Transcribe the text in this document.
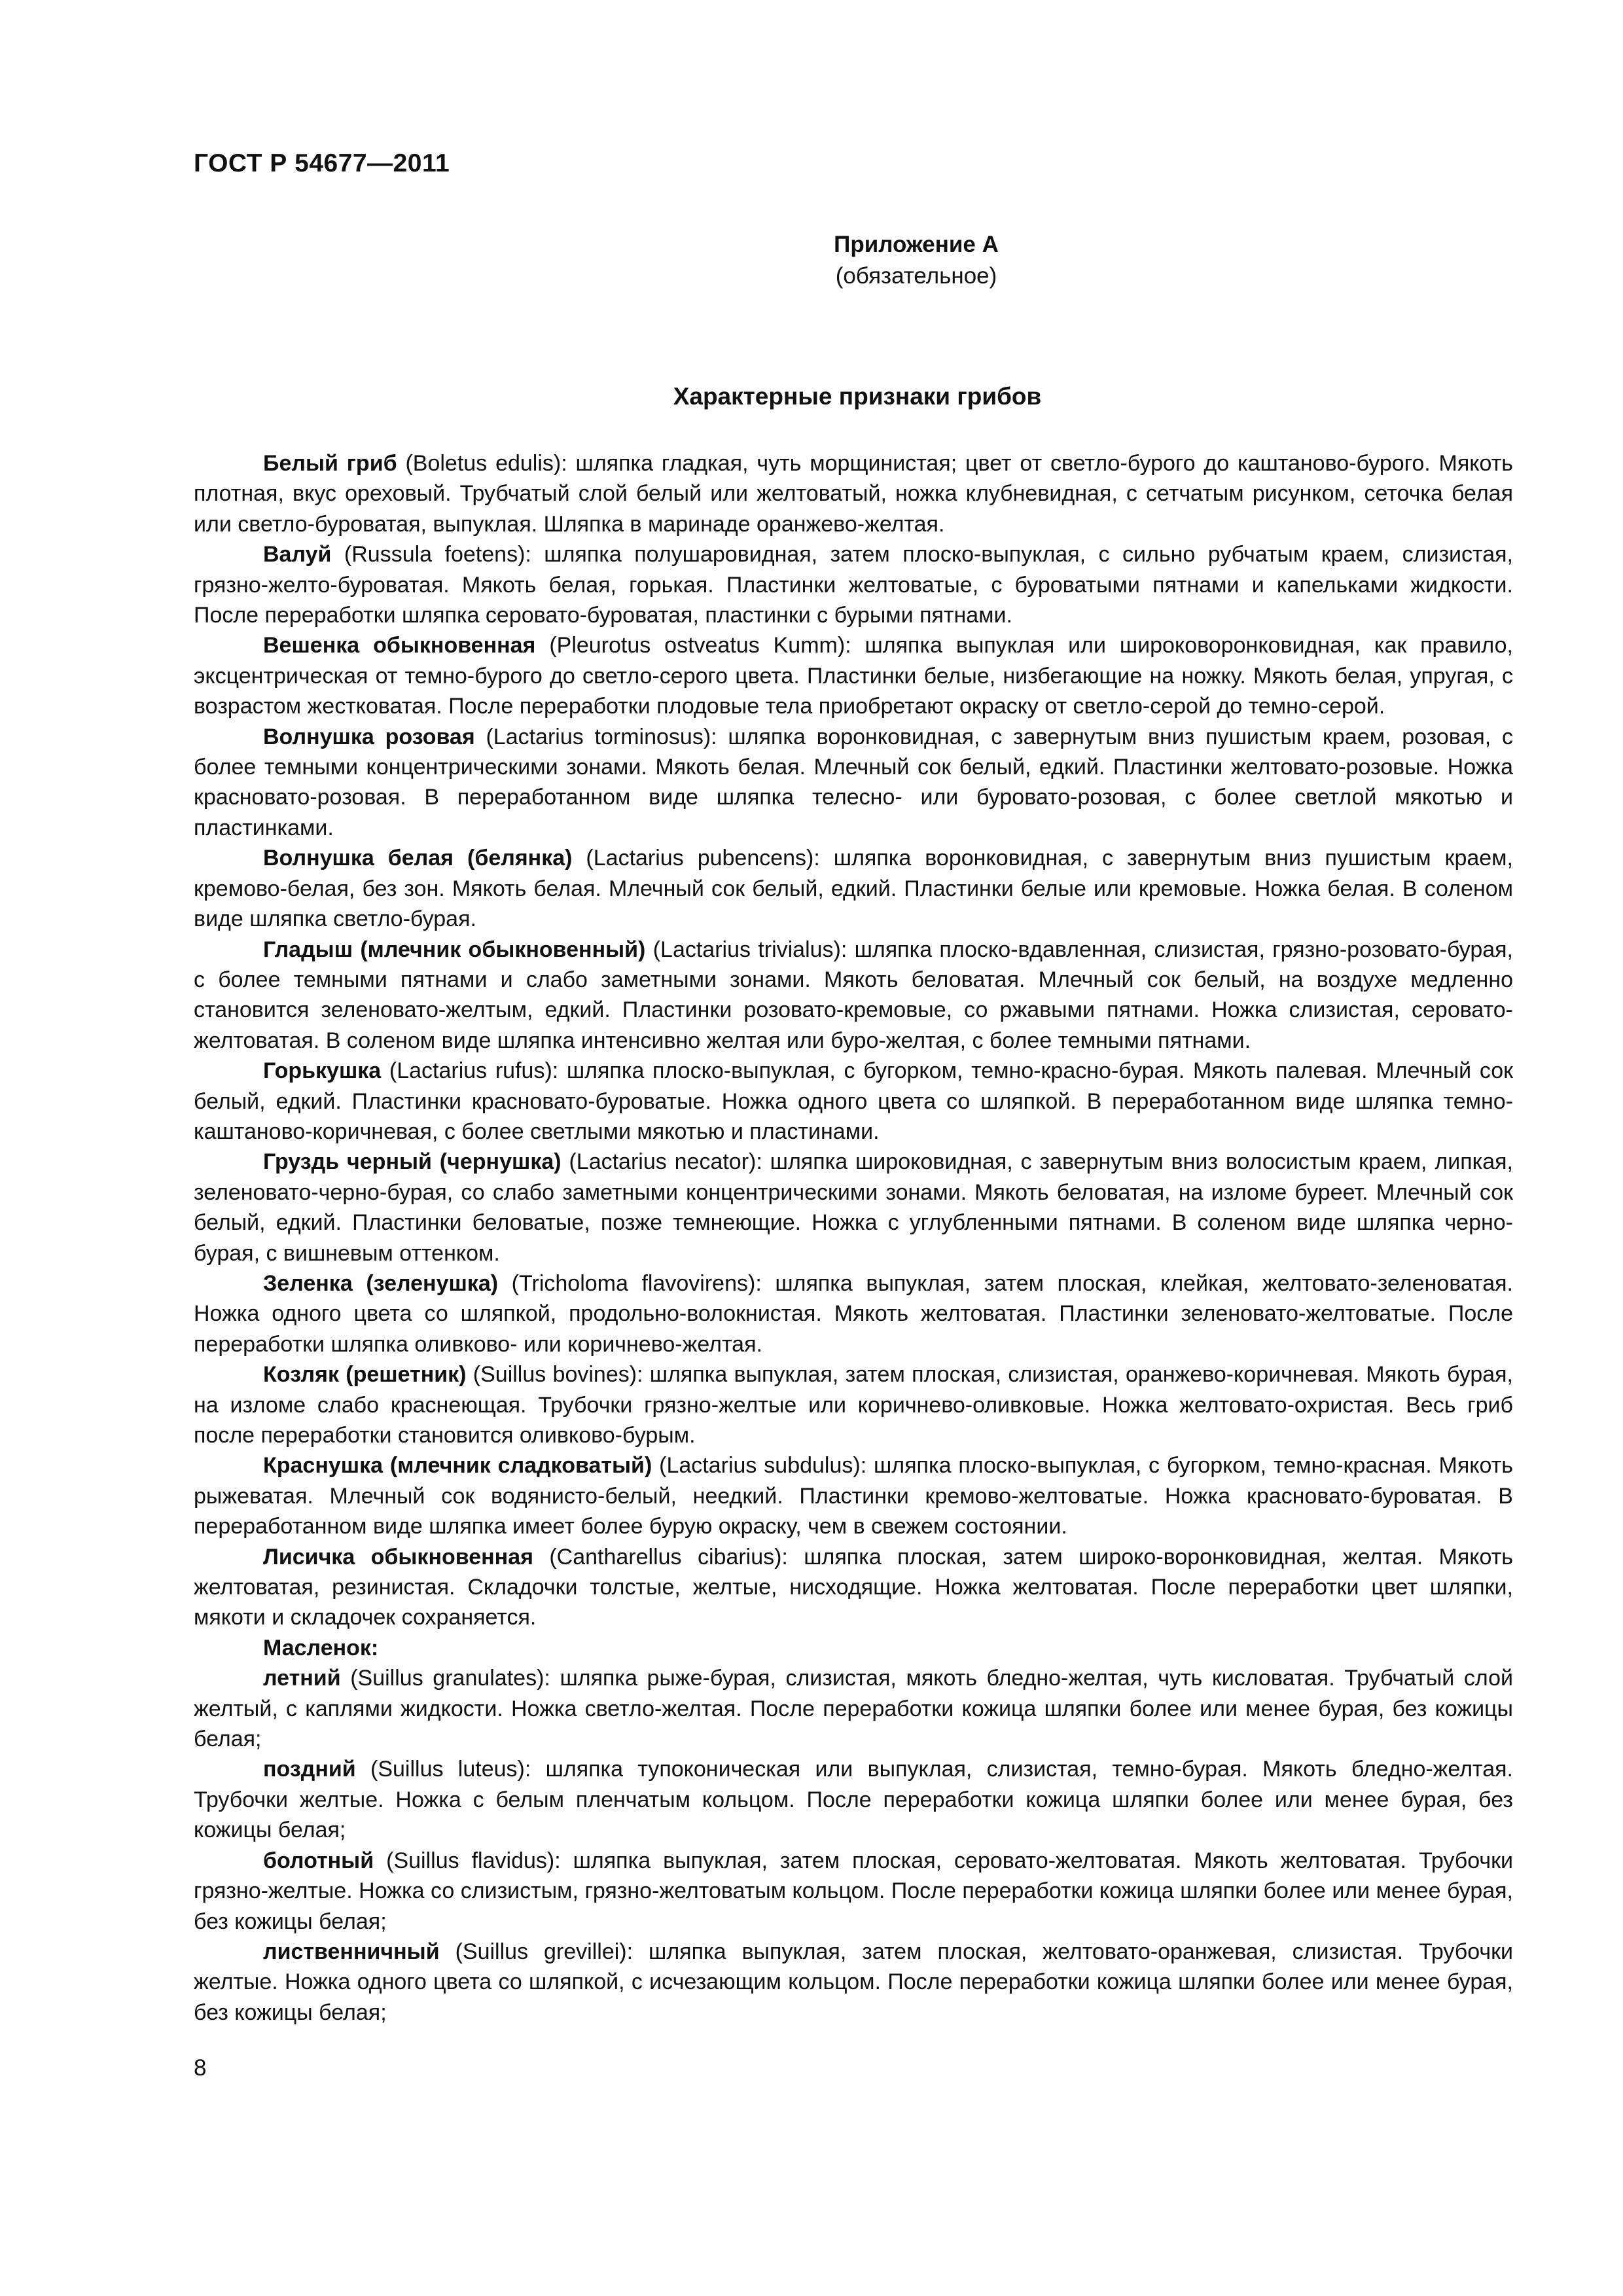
ГОСТ Р 54677—2011
Приложение А
(обязательное)
Характерные признаки грибов

Белый гриб (Boletus edulis): шляпка гладкая, чуть морщинистая; цвет от светло-бурого до каштаново-бурого. Мякоть плотная, вкус ореховый. Трубчатый слой белый или желтоватый, ножка клубневидная, с сетчатым рисунком, сеточка белая или светло-буроватая, выпуклая. Шляпка в маринаде оранжево-желтая.

Валуй (Russula foetens): шляпка полушаровидная, затем плоско-выпуклая, с сильно рубчатым краем, слизистая, грязно-желто-буроватая. Мякоть белая, горькая. Пластинки желтоватые, с буроватыми пятнами и капельками жидкости. После переработки шляпка серовато-буроватая, пластинки с бурыми пятнами.

Вешенка обыкновенная (Pleurotus ostveatus Kumm): шляпка выпуклая или широковоронковидная, как правило, эксцентрическая от темно-бурого до светло-серого цвета. Пластинки белые, низбегающие на ножку. Мякоть белая, упругая, с возрастом жестковатая. После переработки плодовые тела приобретают окраску от светло-серой до темно-серой.

Волнушка розовая (Lactarius torminosus): шляпка воронковидная, с завернутым вниз пушистым краем, розовая, с более темными концентрическими зонами. Мякоть белая. Млечный сок белый, едкий. Пластинки желтовато-розовые. Ножка красновато-розовая. В переработанном виде шляпка телесно- или буровато-розовая, с более светлой мякотью и пластинками.

Волнушка белая (белянка) (Lactarius pubencens): шляпка воронковидная, с завернутым вниз пушистым краем, кремово-белая, без зон. Мякоть белая. Млечный сок белый, едкий. Пластинки белые или кремовые. Ножка белая. В соленом виде шляпка светло-бурая.

Гладыш (млечник обыкновенный) (Lactarius trivialus): шляпка плоско-вдавленная, слизистая, грязно-розовато-бурая, с более темными пятнами и слабо заметными зонами. Мякоть беловатая. Млечный сок белый, на воздухе медленно становится зеленовато-желтым, едкий. Пластинки розовато-кремовые, со ржавыми пятнами. Ножка слизистая, серовато-желтоватая. В соленом виде шляпка интенсивно желтая или буро-желтая, с более темными пятнами.

Горькушка (Lactarius rufus): шляпка плоско-выпуклая, с бугорком, темно-красно-бурая. Мякоть палевая. Млечный сок белый, едкий. Пластинки красновато-буроватые. Ножка одного цвета со шляпкой. В переработанном виде шляпка темно-каштаново-коричневая, с более светлыми мякотью и пластинами.

Груздь черный (чернушка) (Lactarius necator): шляпка широковидная, с завернутым вниз волосистым краем, липкая, зеленовато-черно-бурая, со слабо заметными концентрическими зонами. Мякоть беловатая, на изломе буреет. Млечный сок белый, едкий. Пластинки беловатые, позже темнеющие. Ножка с углубленными пятнами. В соленом виде шляпка черно-бурая, с вишневым оттенком.

Зеленка (зеленушка) (Tricholoma flavovirens): шляпка выпуклая, затем плоская, клейкая, желтовато-зеленоватая. Ножка одного цвета со шляпкой, продольно-волокнистая. Мякоть желтоватая. Пластинки зеленовато-желтоватые. После переработки шляпка оливково- или коричнево-желтая.

Козляк (решетник) (Suillus bovines): шляпка выпуклая, затем плоская, слизистая, оранжево-коричневая. Мякоть бурая, на изломе слабо краснеющая. Трубочки грязно-желтые или коричнево-оливковые. Ножка желтовато-охристая. Весь гриб после переработки становится оливково-бурым.

Краснушка (млечник сладковатый) (Lactarius subdulus): шляпка плоско-выпуклая, с бугорком, темно-красная. Мякоть рыжеватая. Млечный сок водянисто-белый, неедкий. Пластинки кремово-желтоватые. Ножка красновато-буроватая. В переработанном виде шляпка имеет более бурую окраску, чем в свежем состоянии.

Лисичка обыкновенная (Cantharellus cibarius): шляпка плоская, затем широко-воронковидная, желтая. Мякоть желтоватая, резинистая. Складочки толстые, желтые, нисходящие. Ножка желтоватая. После переработки цвет шляпки, мякоти и складочек сохраняется.

Масленок:

летний (Suillus granulates): шляпка рыже-бурая, слизистая, мякоть бледно-желтая, чуть кисловатая. Трубчатый слой желтый, с каплями жидкости. Ножка светло-желтая. После переработки кожица шляпки более или менее бурая, без кожицы белая;

поздний (Suillus luteus): шляпка тупоконическая или выпуклая, слизистая, темно-бурая. Мякоть бледно-желтая. Трубочки желтые. Ножка с белым пленчатым кольцом. После переработки кожица шляпки более или менее бурая, без кожицы белая;

болотный (Suillus flavidus): шляпка выпуклая, затем плоская, серовато-желтоватая. Мякоть желтоватая. Трубочки грязно-желтые. Ножка со слизистым, грязно-желтоватым кольцом. После переработки кожица шляпки более или менее бурая, без кожицы белая;

лиственничный (Suillus grevillei): шляпка выпуклая, затем плоская, желтовато-оранжевая, слизистая. Трубочки желтые. Ножка одного цвета со шляпкой, с исчезающим кольцом. После переработки кожица шляпки более или менее бурая, без кожицы белая;

8
